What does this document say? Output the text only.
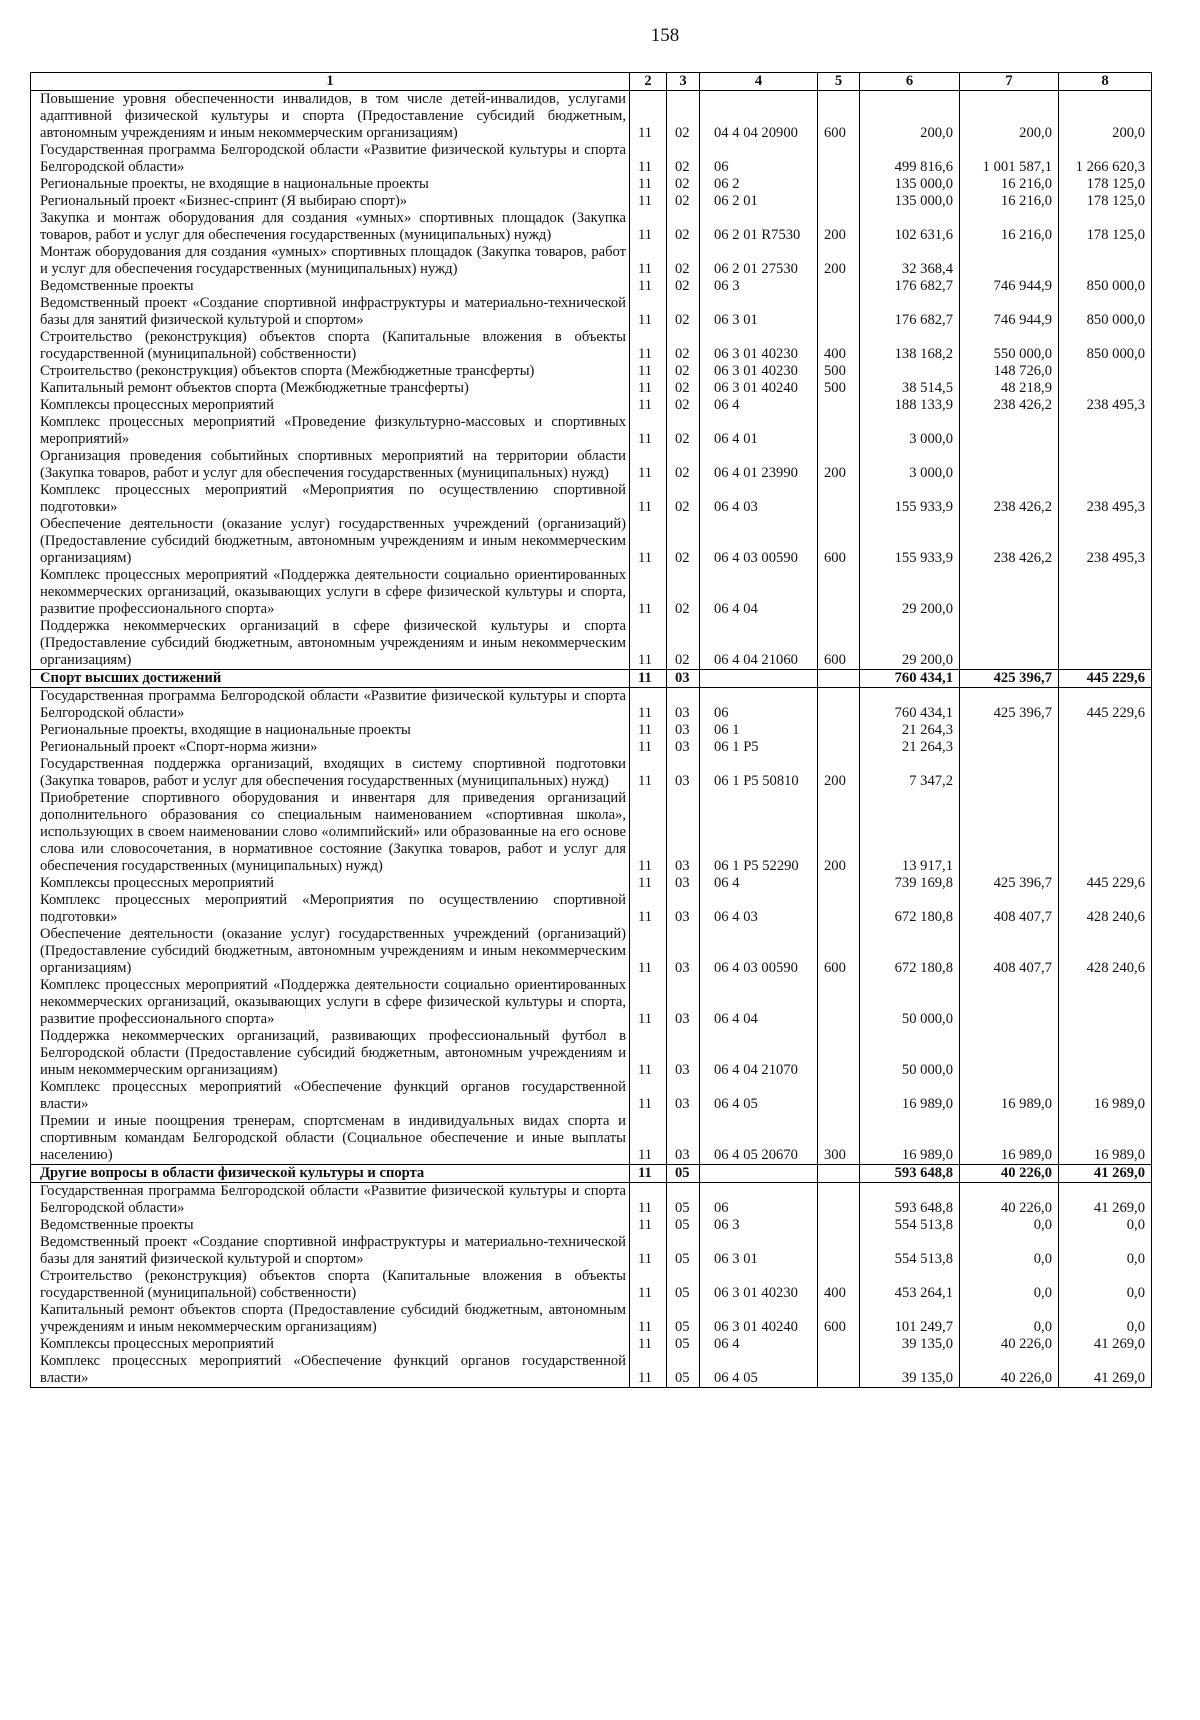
158
1	2	3	4	5	6	7	8
Повышение уровня обеспеченности инвалидов, в том числе детей-инвалидов, услугами адаптивной физической культуры и спорта (Предоставление субсидий бюджетным, автономным учреждениям и иным некоммерческим организациям)	11	02	04 4 04 20900	600	200,0	200,0	200,0
Государственная программа Белгородской области «Развитие физической культуры и спорта Белгородской области»	11	02	06		499 816,6	1 001 587,1	1 266 620,3
Региональные проекты, не входящие в национальные проекты	11	02	06 2		135 000,0	16 216,0	178 125,0
Региональный проект «Бизнес-спринт (Я выбираю спорт)»	11	02	06 2 01		135 000,0	16 216,0	178 125,0
Закупка и монтаж оборудования для создания «умных» спортивных площадок (Закупка товаров, работ и услуг для обеспечения государственных (муниципальных) нужд)	11	02	06 2 01 R7530	200	102 631,6	16 216,0	178 125,0
Монтаж оборудования для создания «умных» спортивных площадок (Закупка товаров, работ и услуг для обеспечения государственных (муниципальных) нужд)	11	02	06 2 01 27530	200	32 368,4		
Ведомственные проекты	11	02	06 3		176 682,7	746 944,9	850 000,0
Ведомственный проект «Создание спортивной инфраструктуры и материально-технической базы для занятий физической культурой и спортом»	11	02	06 3 01		176 682,7	746 944,9	850 000,0
Строительство (реконструкция) объектов спорта (Капитальные вложения в объекты государственной (муниципальной) собственности)	11	02	06 3 01 40230	400	138 168,2	550 000,0	850 000,0
Строительство (реконструкция) объектов спорта (Межбюджетные трансферты)	11	02	06 3 01 40230	500		148 726,0	
Капитальный ремонт объектов спорта (Межбюджетные трансферты)	11	02	06 3 01 40240	500	38 514,5	48 218,9	
Комплексы процессных мероприятий	11	02	06 4		188 133,9	238 426,2	238 495,3
Комплекс процессных мероприятий «Проведение физкультурно-массовых и спортивных мероприятий»	11	02	06 4 01		3 000,0		
Организация проведения событийных спортивных мероприятий на территории области (Закупка товаров, работ и услуг для обеспечения государственных (муниципальных) нужд)	11	02	06 4 01 23990	200	3 000,0		
Комплекс процессных мероприятий «Мероприятия по осуществлению спортивной подготовки»	11	02	06 4 03		155 933,9	238 426,2	238 495,3
Обеспечение деятельности (оказание услуг) государственных учреждений (организаций) (Предоставление субсидий бюджетным, автономным учреждениям и иным некоммерческим организациям)	11	02	06 4 03 00590	600	155 933,9	238 426,2	238 495,3
Комплекс процессных мероприятий «Поддержка деятельности социально ориентированных некоммерческих организаций, оказывающих услуги в сфере физической культуры и спорта, развитие профессионального спорта»	11	02	06 4 04		29 200,0		
Поддержка некоммерческих организаций в сфере физической культуры и спорта (Предоставление субсидий бюджетным, автономным учреждениям и иным некоммерческим организациям)	11	02	06 4 04 21060	600	29 200,0		
Спорт высших достижений	11	03			760 434,1	425 396,7	445 229,6
Государственная программа Белгородской области «Развитие физической культуры и спорта Белгородской области»	11	03	06		760 434,1	425 396,7	445 229,6
Региональные проекты, входящие в национальные проекты	11	03	06 1		21 264,3		
Региональный проект «Спорт-норма жизни»	11	03	06 1 P5		21 264,3		
Государственная поддержка организаций, входящих в систему спортивной подготовки (Закупка товаров, работ и услуг для обеспечения государственных (муниципальных) нужд)	11	03	06 1 P5 50810	200	7 347,2		
Приобретение спортивного оборудования и инвентаря для приведения организаций дополнительного образования со специальным наименованием «спортивная школа», использующих в своем наименовании слово «олимпийский» или образованные на его основе слова или словосочетания, в нормативное состояние (Закупка товаров, работ и услуг для обеспечения государственных (муниципальных) нужд)	11	03	06 1 P5 52290	200	13 917,1		
Комплексы процессных мероприятий	11	03	06 4		739 169,8	425 396,7	445 229,6
Комплекс процессных мероприятий «Мероприятия по осуществлению спортивной подготовки»	11	03	06 4 03		672 180,8	408 407,7	428 240,6
Обеспечение деятельности (оказание услуг) государственных учреждений (организаций) (Предоставление субсидий бюджетным, автономным учреждениям и иным некоммерческим организациям)	11	03	06 4 03 00590	600	672 180,8	408 407,7	428 240,6
Комплекс процессных мероприятий «Поддержка деятельности социально ориентированных некоммерческих организаций, оказывающих услуги в сфере физической культуры и спорта, развитие профессионального спорта»	11	03	06 4 04		50 000,0		
Поддержка некоммерческих организаций, развивающих профессиональный футбол в Белгородской области (Предоставление субсидий бюджетным, автономным учреждениям и иным некоммерческим организациям)	11	03	06 4 04 21070		50 000,0		
Комплекс процессных мероприятий «Обеспечение функций органов государственной власти»	11	03	06 4 05		16 989,0	16 989,0	16 989,0
Премии и иные поощрения тренерам, спортсменам в индивидуальных видах спорта и спортивным командам Белгородской области (Социальное обеспечение и иные выплаты населению)	11	03	06 4 05 20670	300	16 989,0	16 989,0	16 989,0
Другие вопросы в области физической культуры и спорта	11	05			593 648,8	40 226,0	41 269,0
Государственная программа Белгородской области «Развитие физической культуры и спорта Белгородской области»	11	05	06		593 648,8	40 226,0	41 269,0
Ведомственные проекты	11	05	06 3		554 513,8	0,0	0,0
Ведомственный проект «Создание спортивной инфраструктуры и материально-технической базы для занятий физической культурой и спортом»	11	05	06 3 01		554 513,8	0,0	0,0
Строительство (реконструкция) объектов спорта (Капитальные вложения в объекты государственной (муниципальной) собственности)	11	05	06 3 01 40230	400	453 264,1	0,0	0,0
Капитальный ремонт объектов спорта (Предоставление субсидий бюджетным, автономным учреждениям и иным некоммерческим организациям)	11	05	06 3 01 40240	600	101 249,7	0,0	0,0
Комплексы процессных мероприятий	11	05	06 4		39 135,0	40 226,0	41 269,0
Комплекс процессных мероприятий «Обеспечение функций органов государственной власти»	11	05	06 4 05		39 135,0	40 226,0	41 269,0
